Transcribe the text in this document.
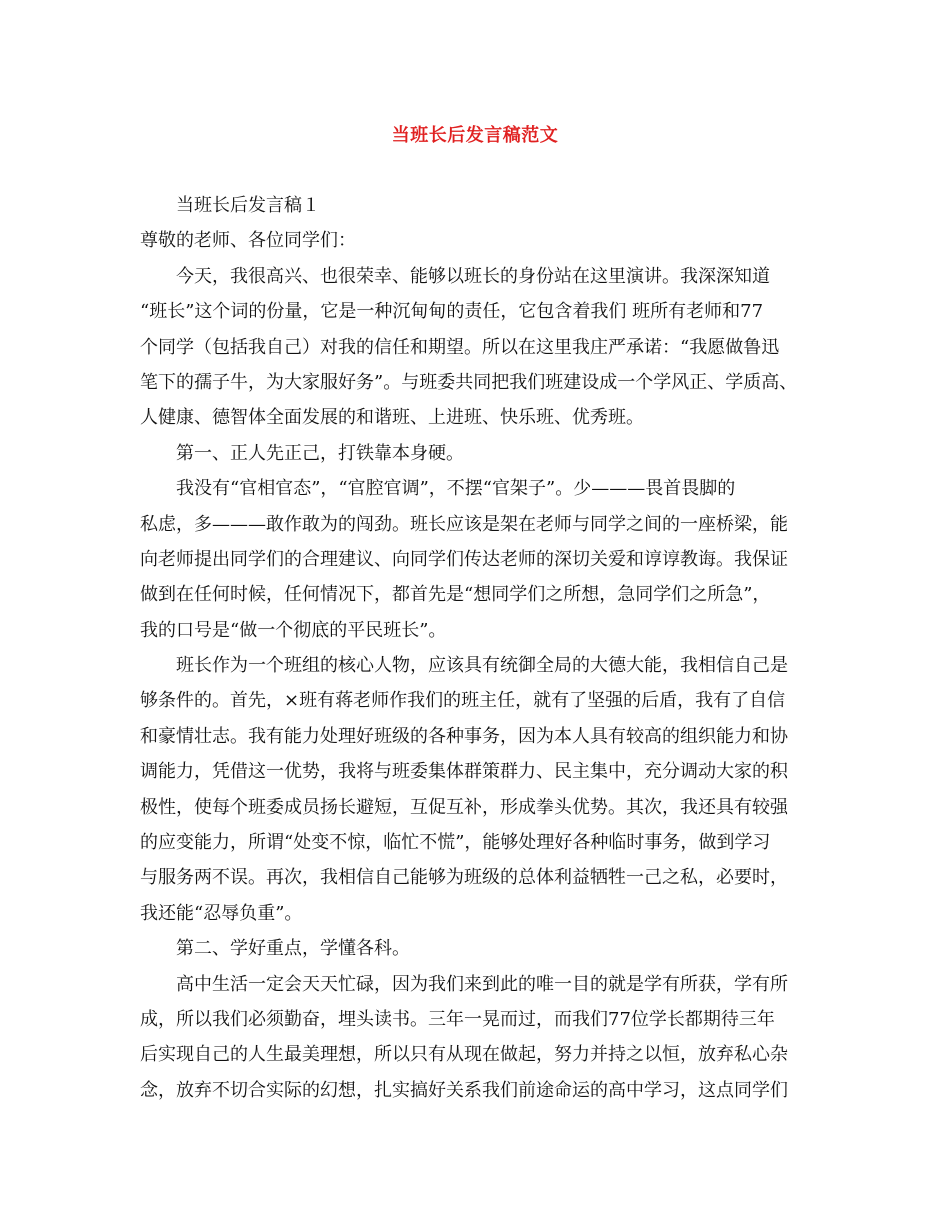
当班长后发言稿范文
当班长后发言稿１
尊敬的老师、各位同学们：
今天，我很高兴、也很荣幸、能够以班长的身份站在这里演讲。我深深知道
“班长”这个词的份量，它是一种沉甸甸的责任，它包含着我们 班所有老师和77
个同学（包括我自己）对我的信任和期望。所以在这里我庄严承诺：“我愿做鲁迅
笔下的孺子牛，为大家服好务”。与班委共同把我们班建设成一个学风正、学质高、
人健康、德智体全面发展的和谐班、上进班、快乐班、优秀班。
第一、正人先正己，打铁靠本身硬。
我没有“官相官态”，“官腔官调”，不摆“官架子”。少———畏首畏脚的
私虑，多———敢作敢为的闯劲。班长应该是架在老师与同学之间的一座桥梁，能
向老师提出同学们的合理建议、向同学们传达老师的深切关爱和谆谆教诲。我保证
做到在任何时候，任何情况下，都首先是“想同学们之所想，急同学们之所急”，
我的口号是“做一个彻底的平民班长”。
班长作为一个班组的核心人物，应该具有统御全局的大德大能，我相信自己是
够条件的。首先，×班有蒋老师作我们的班主任，就有了坚强的后盾，我有了自信
和豪情壮志。我有能力处理好班级的各种事务，因为本人具有较高的组织能力和协
调能力，凭借这一优势，我将与班委集体群策群力、民主集中，充分调动大家的积
极性，使每个班委成员扬长避短，互促互补，形成拳头优势。其次，我还具有较强
的应变能力，所谓“处变不惊，临忙不慌”，能够处理好各种临时事务，做到学习
与服务两不误。再次，我相信自己能够为班级的总体利益牺牲一己之私，必要时，
我还能“忍辱负重”。
第二、学好重点，学懂各科。
高中生活一定会天天忙碌，因为我们来到此的唯一目的就是学有所获，学有所
成，所以我们必须勤奋，埋头读书。三年一晃而过，而我们77位学长都期待三年
后实现自己的人生最美理想，所以只有从现在做起，努力并持之以恒，放弃私心杂
念，放弃不切合实际的幻想，扎实搞好关系我们前途命运的高中学习，这点同学们
